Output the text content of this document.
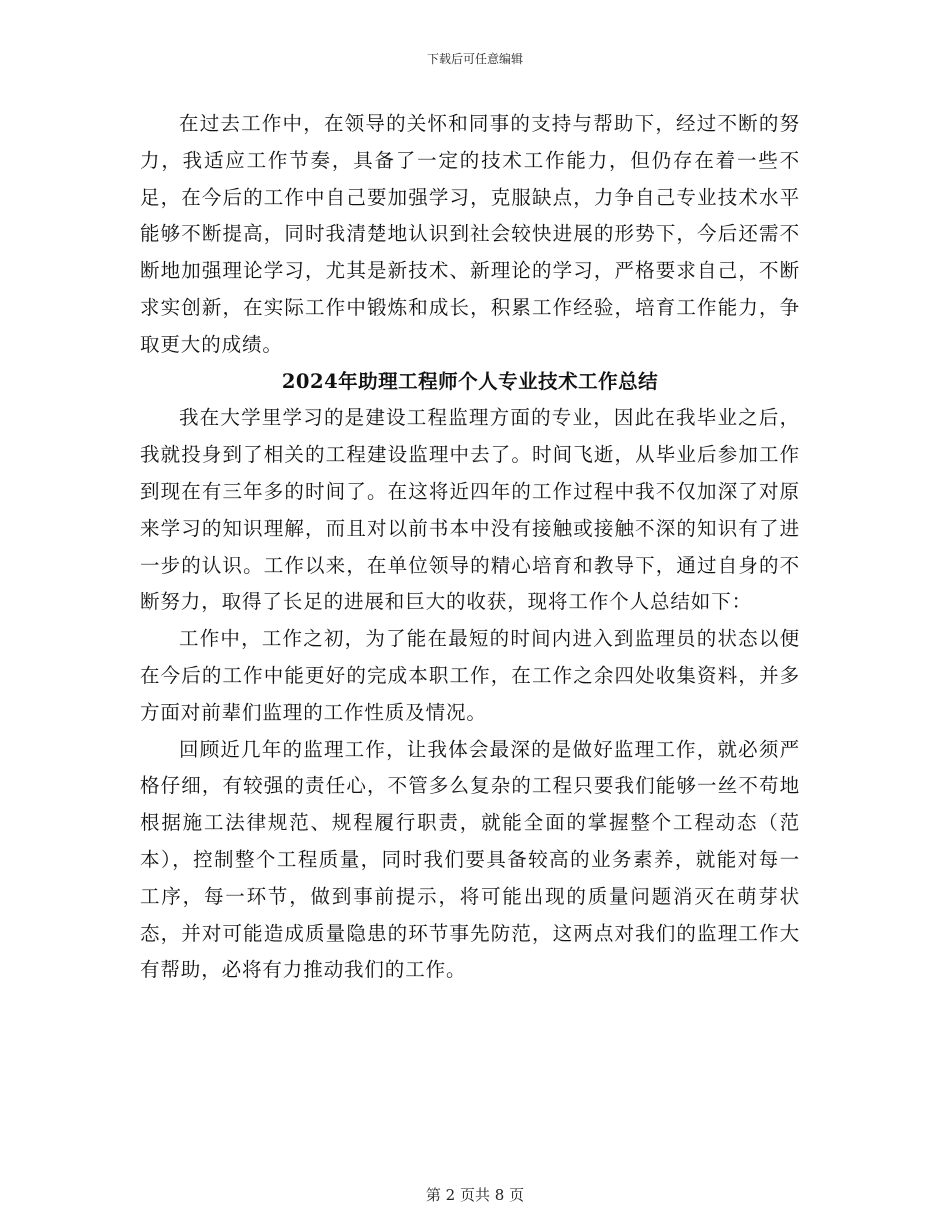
下载后可任意编辑

在过去工作中，在领导的关怀和同事的支持与帮助下，经过不断的努力，我适应工作节奏，具备了一定的技术工作能力，但仍存在着一些不足，在今后的工作中自己要加强学习，克服缺点，力争自己专业技术水平能够不断提高，同时我清楚地认识到社会较快进展的形势下，今后还需不断地加强理论学习，尤其是新技术、新理论的学习，严格要求自己，不断求实创新，在实际工作中锻炼和成长，积累工作经验，培育工作能力，争取更大的成绩。

2024年助理工程师个人专业技术工作总结

我在大学里学习的是建设工程监理方面的专业，因此在我毕业之后，我就投身到了相关的工程建设监理中去了。时间飞逝，从毕业后参加工作到现在有三年多的时间了。在这将近四年的工作过程中我不仅加深了对原来学习的知识理解，而且对以前书本中没有接触或接触不深的知识有了进一步的认识。工作以来，在单位领导的精心培育和教导下，通过自身的不断努力，取得了长足的进展和巨大的收获，现将工作个人总结如下：

工作中，工作之初，为了能在最短的时间内进入到监理员的状态以便在今后的工作中能更好的完成本职工作，在工作之余四处收集资料，并多方面对前辈们监理的工作性质及情况。

回顾近几年的监理工作，让我体会最深的是做好监理工作，就必须严格仔细，有较强的责任心，不管多么复杂的工程只要我们能够一丝不苟地根据施工法律规范、规程履行职责，就能全面的掌握整个工程动态（范本），控制整个工程质量，同时我们要具备较高的业务素养，就能对每一工序，每一环节，做到事前提示，将可能出现的质量问题消灭在萌芽状态，并对可能造成质量隐患的环节事先防范，这两点对我们的监理工作大有帮助，必将有力推动我们的工作。

第 2 页共 8 页
